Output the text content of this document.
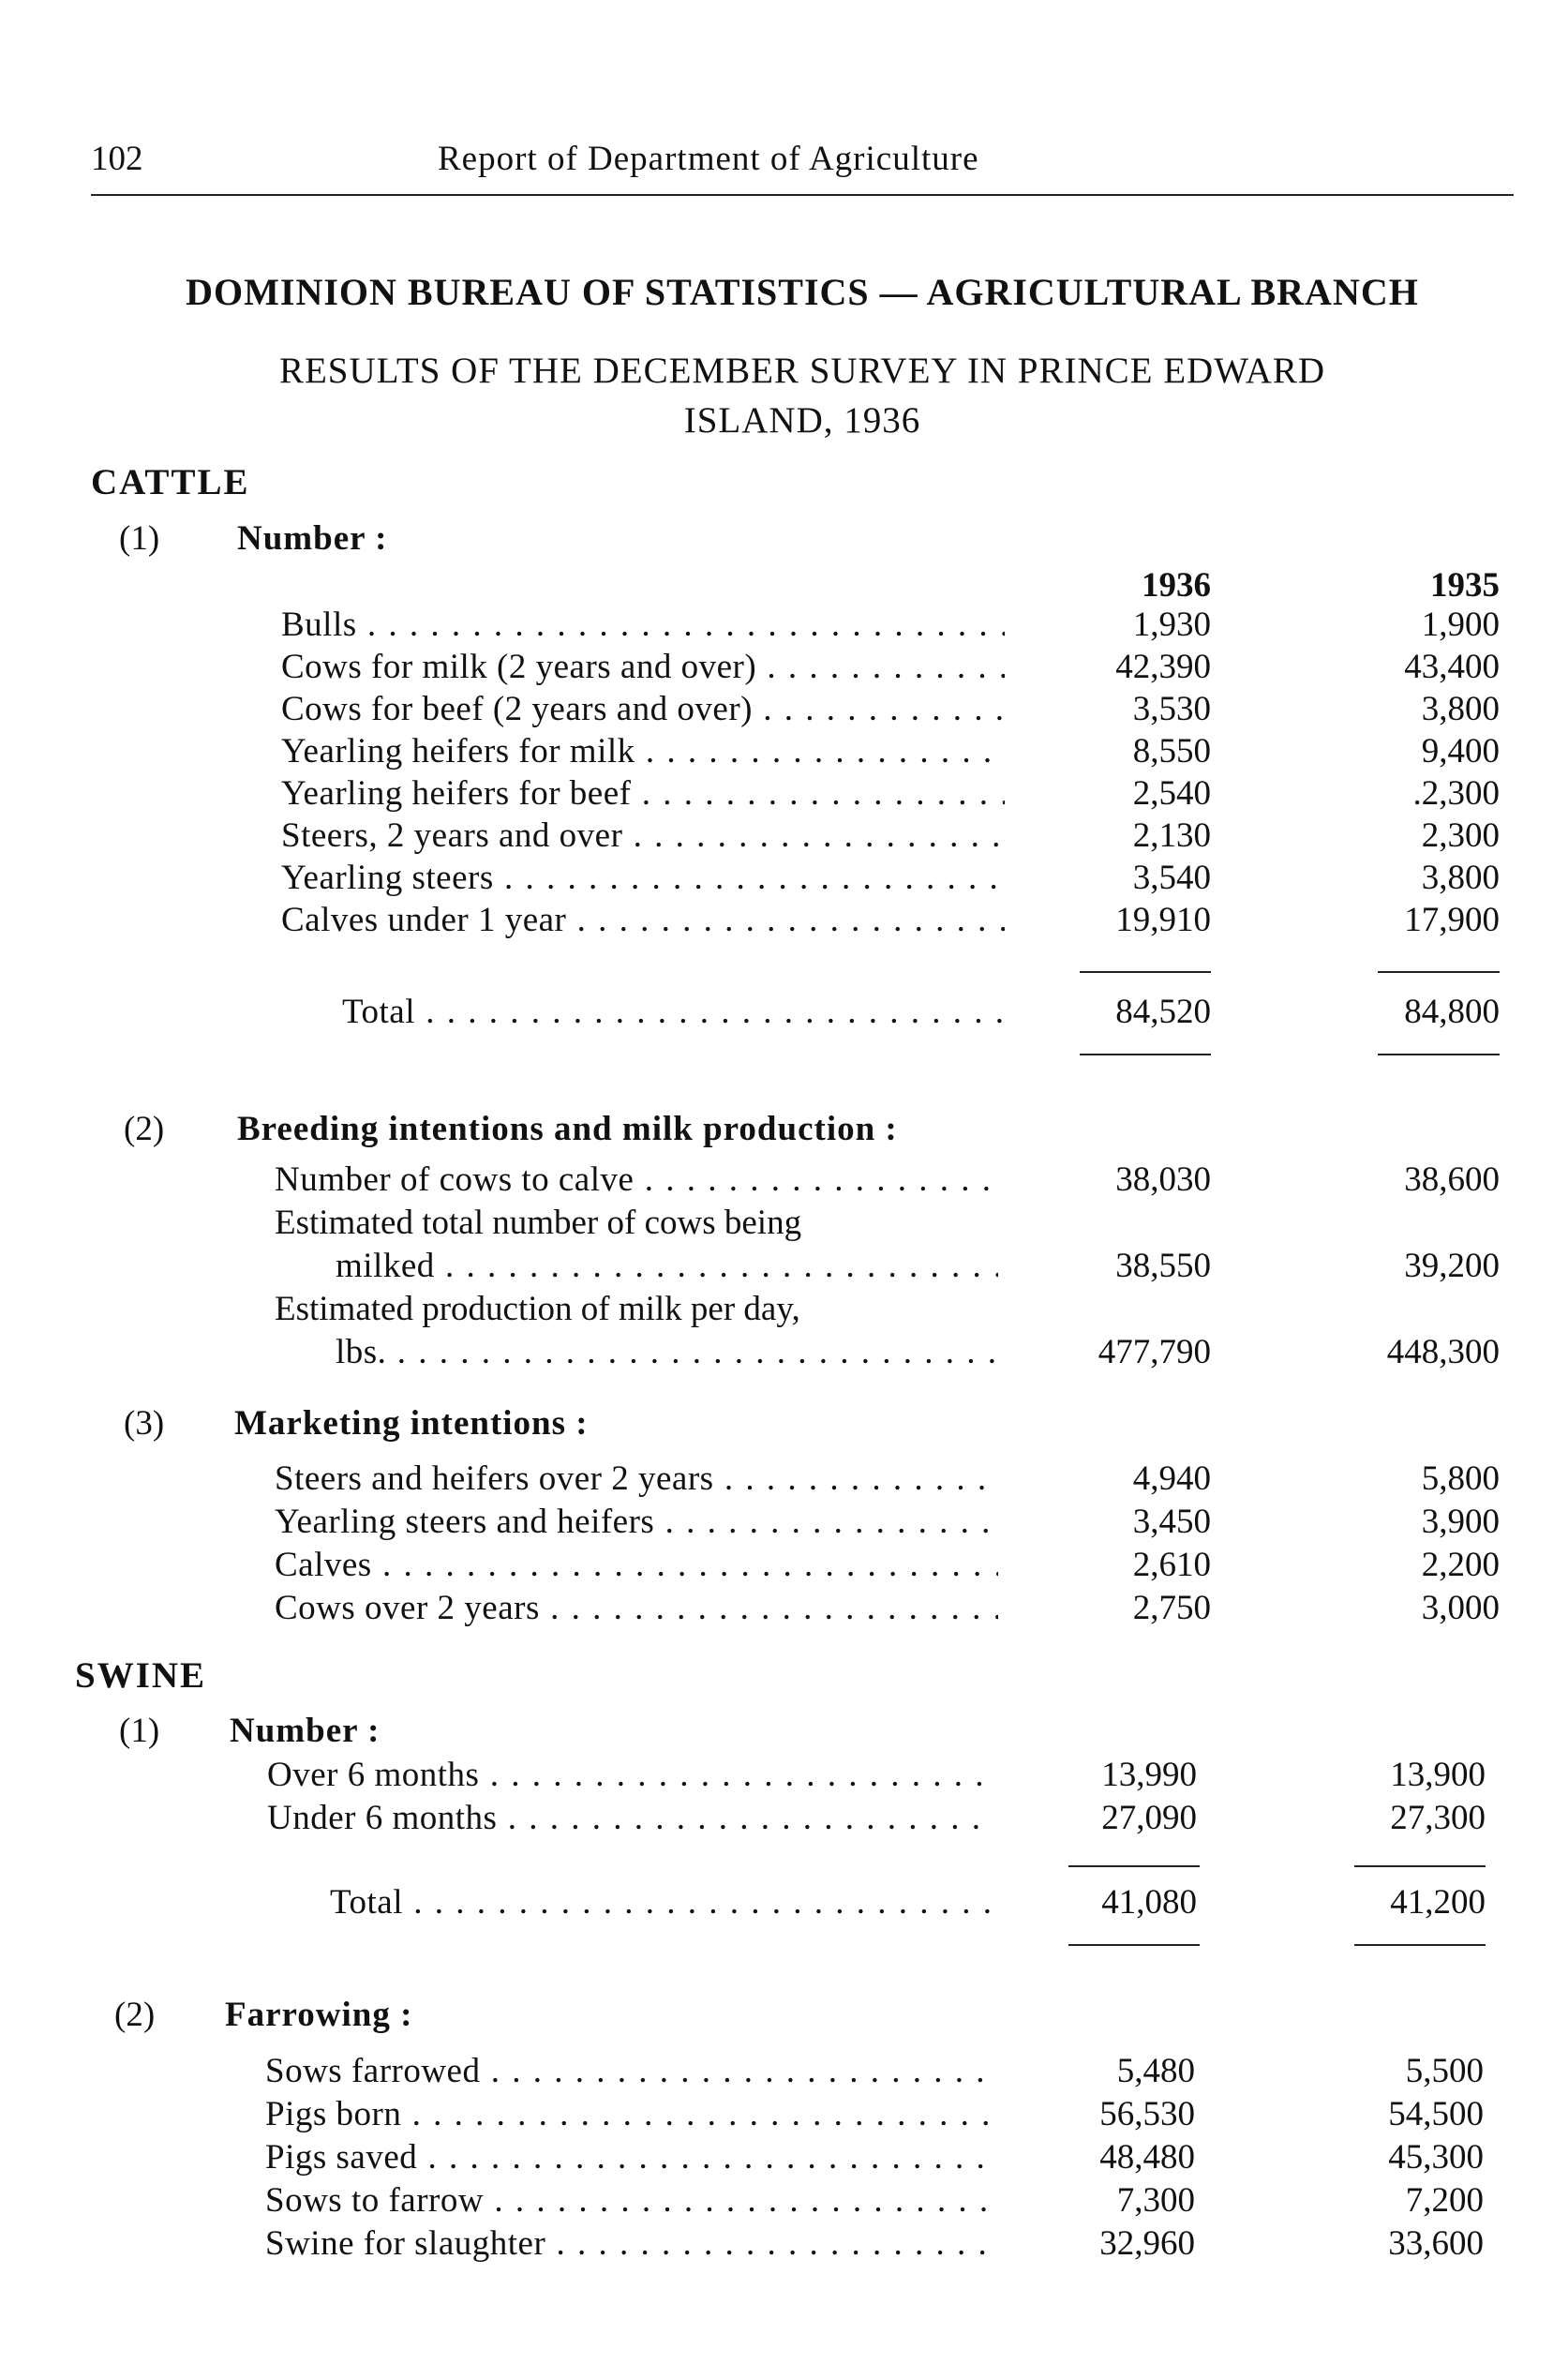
102	Report of Department of Agriculture
DOMINION BUREAU OF STATISTICS — AGRICULTURAL BRANCH
RESULTS OF THE DECEMBER SURVEY IN PRINCE EDWARD
ISLAND, 1936
CATTLE
(1) Number :
1936	1935
Bulls . . .	1,930	1,900
Cows for milk (2 years and over) . . .	42,390	43,400
Cows for beef (2 years and over) . . .	3,530	3,800
Yearling heifers for milk . . .	8,550	9,400
Yearling heifers for beef . . .	2,540	.2,300
Steers, 2 years and over . . .	2,130	2,300
Yearling steers . . .	3,540	3,800
Calves under 1 year . . .	19,910	17,900
Total . . .	84,520	84,800
(2) Breeding intentions and milk production :
Number of cows to calve . . .	38,030	38,600
Estimated total number of cows being
milked . . .	38,550	39,200
Estimated production of milk per day,
lbs. . . .	477,790	448,300
(3) Marketing intentions :
Steers and heifers over 2 years . . .	4,940	5,800
Yearling steers and heifers . . .	3,450	3,900
Calves . . .	2,610	2,200
Cows over 2 years . . .	2,750	3,000
SWINE
(1) Number :
Over 6 months . . .	13,990	13,900
Under 6 months . . .	27,090	27,300
Total . . .	41,080	41,200
(2) Farrowing :
Sows farrowed . . .	5,480	5,500
Pigs born . . .	56,530	54,500
Pigs saved . . .	48,480	45,300
Sows to farrow . . .	7,300	7,200
Swine for slaughter . . .	32,960	33,600
